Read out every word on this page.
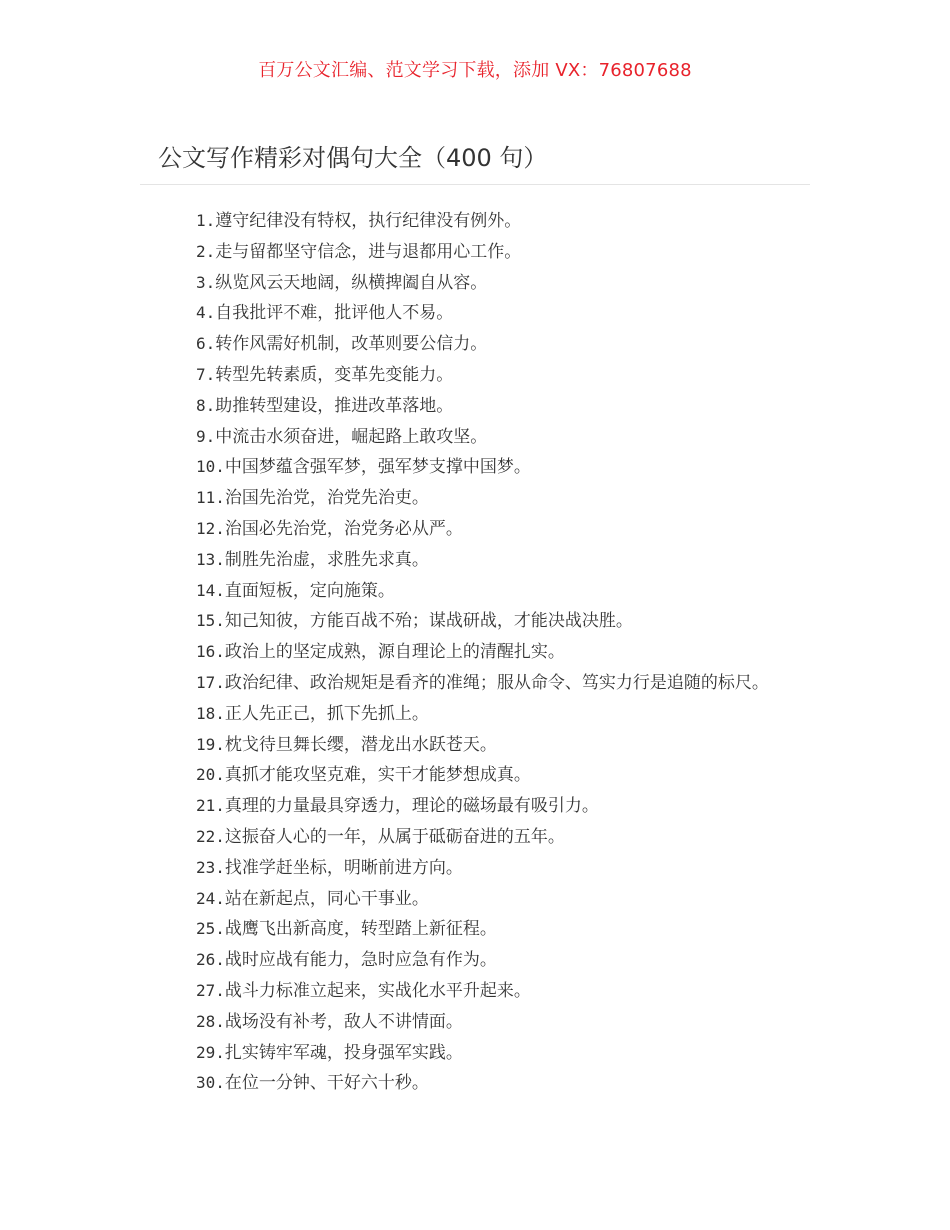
百万公文汇编、范文学习下载，添加 VX：76807688
公文写作精彩对偶句大全（400 句）

1.遵守纪律没有特权，执行纪律没有例外。

2.走与留都坚守信念，进与退都用心工作。

3.纵览风云天地阔，纵横捭阖自从容。

4.自我批评不难，批评他人不易。

6.转作风需好机制，改革则要公信力。

7.转型先转素质，变革先变能力。

8.助推转型建设，推进改革落地。

9.中流击水须奋进，崛起路上敢攻坚。

10.中国梦蕴含强军梦，强军梦支撑中国梦。

11.治国先治党，治党先治吏。

12.治国必先治党，治党务必从严。

13.制胜先治虚，求胜先求真。

14.直面短板，定向施策。

15.知己知彼，方能百战不殆；谋战研战，才能决战决胜。

16.政治上的坚定成熟，源自理论上的清醒扎实。

17.政治纪律、政治规矩是看齐的准绳；服从命令、笃实力行是追随的标尺。

18.正人先正己，抓下先抓上。

19.枕戈待旦舞长缨，潜龙出水跃苍天。

20.真抓才能攻坚克难，实干才能梦想成真。

21.真理的力量最具穿透力，理论的磁场最有吸引力。

22.这振奋人心的一年，从属于砥砺奋进的五年。

23.找准学赶坐标，明晰前进方向。

24.站在新起点，同心干事业。

25.战鹰飞出新高度，转型踏上新征程。

26.战时应战有能力，急时应急有作为。

27.战斗力标准立起来，实战化水平升起来。

28.战场没有补考，敌人不讲情面。

29.扎实铸牢军魂，投身强军实践。

30.在位一分钟、干好六十秒。
